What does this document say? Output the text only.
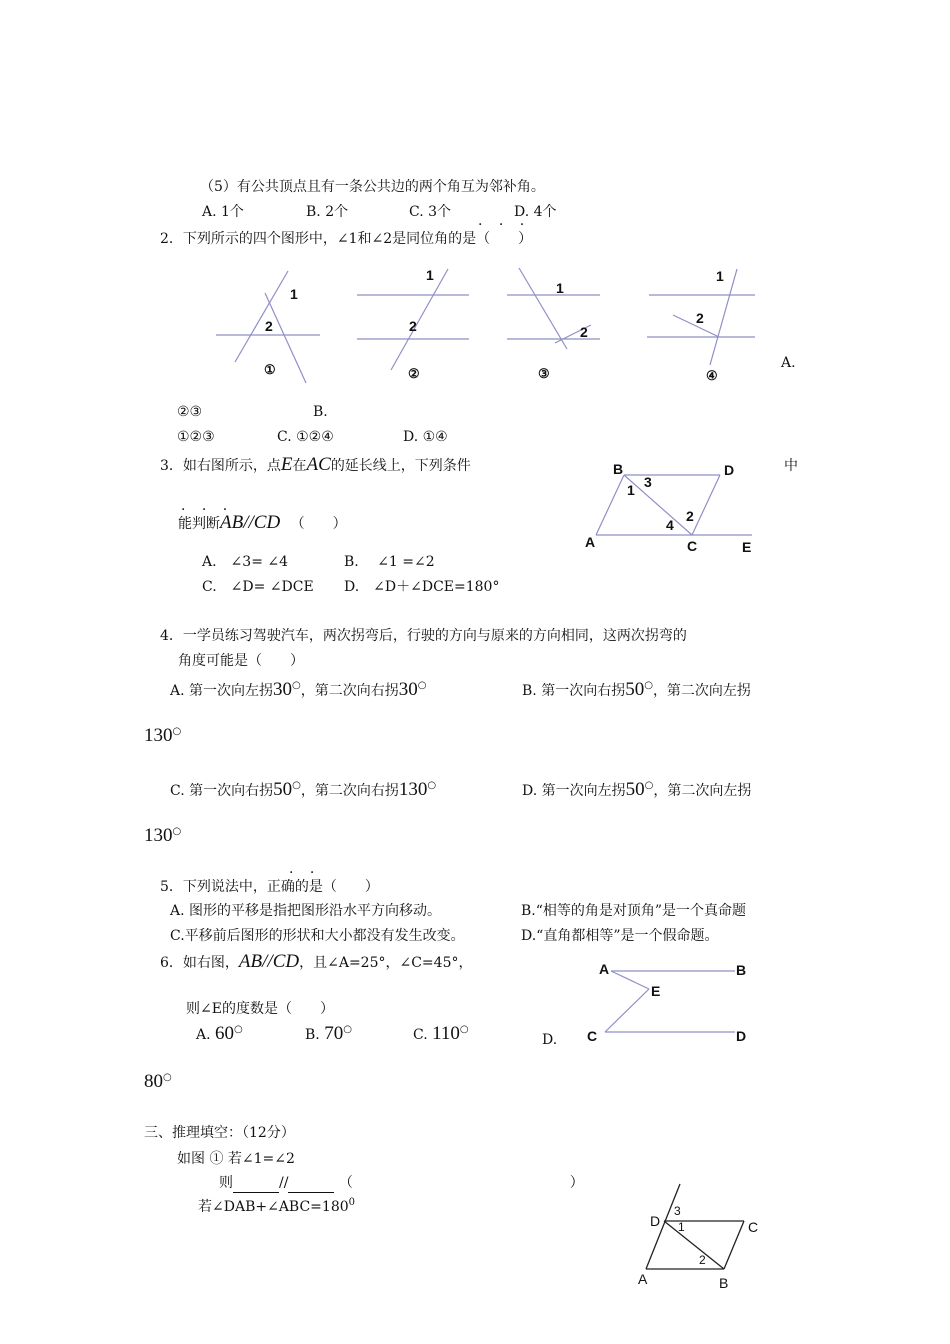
（5）有公共顶点且有一条公共边的两个角互为邻补角。
A. 1个	B. 2个	C. 3个	D. 4个
· · ·
2．下列所示的四个图形中，∠1和∠2是同位角的是（　　）
1
2
1
2
1
2
1
2
①	②	③	④
A.
②③	B.
①②③	C. ①②④	D. ①④
3．如右图所示，点E在AC的延长线上，下列条件	中
· · ·
能判断AB//CD （　　）
A.　∠3= ∠4	B.　 ∠1 =∠2
C.　∠D= ∠DCE D.　∠D＋∠DCE=180°
B	D
A	C	E
1 3
2
4
4．一学员练习驾驶汽车，两次拐弯后，行驶的方向与原来的方向相同，这两次拐弯的
角度可能是（　　）
A. 第一次向左拐30○，第二次向右拐30○	B. 第一次向右拐50○，第二次向左拐
130○
C. 第一次向右拐50○，第二次向右拐130○	D. 第一次向左拐50○，第二次向左拐
130○
· ·
5．下列说法中，正确的是（　　）
A. 图形的平移是指把图形沿水平方向移动。	B.“相等的角是对顶角”是一个真命题
C.平移前后图形的形状和大小都没有发生改变。	D.“直角都相等”是一个假命题。
6．如右图，AB//CD，且∠A=25°，∠C=45°，
则∠E的度数是（　　）
A. 60○	B. 70○	C. 110○
D.
80○
A	B
E
C	D
三、推理填空：（12分）
如图 ① 若∠1=∠2
则	//	（	）
若$\angle DAB+\angle ABC=180^0$
D	C
A	B
1
2
3
